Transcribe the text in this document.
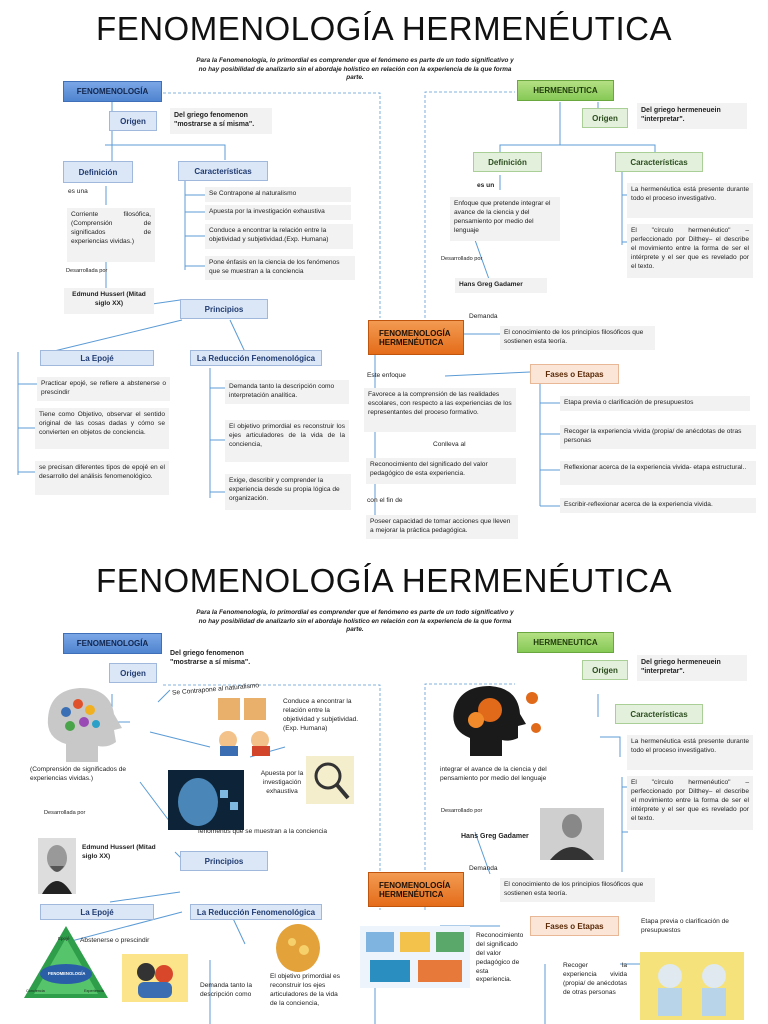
FENOMENOLOGÍA HERMENÉUTICA
Para la Fenomenología, lo primordial es comprender que el fenómeno es parte de un todo significativo y no hay posibilidad de analizarlo sin el abordaje holístico en relación con la experiencia de la que forma parte.
FENOMENOLOGÍA
Origen
Del griego fenomenon "mostrarse a sí misma".
Definición
es una
Corriente filosófica, (Comprensión de significados de experiencias vividas.)
Desarrollada por
Edmund Husserl (Mitad siglo XX)
Características
Se Contrapone al naturalismo
Apuesta por la investigación exhaustiva
Conduce a encontrar la relación entre la objetividad y subjetividad.(Exp. Humana)
Pone énfasis en la ciencia de los fenómenos que se muestran a la conciencia
Principios
La Epojé
Practicar epojé, se refiere a abstenerse o prescindir
Tiene como Objetivo, observar el sentido original de las cosas dadas y cómo se convierten en objetos de conciencia.
se precisan diferentes tipos de epojé en el desarrollo del análisis fenomenológico.
La Reducción Fenomenológica
Demanda tanto la descripción como interpretación analítica.
El objetivo primordial es reconstruir los ejes articuladores de la vida de la conciencia,
Exige, describir y comprender la experiencia desde su propia lógica de organización.
HERMENEUTICA
Origen
Del griego hermeneuein "interpretar".
Definición
es un
Enfoque que pretende integrar el avance de la ciencia y del pensamiento por medio del lenguaje
Desarrollado por
Hans Greg Gadamer
Características
La hermenéutica está presente durante todo el proceso investigativo.
El "círculo hermenéutico" –perfeccionado por Dilthey– el describe el movimiento entre la forma de ser el intérprete y el ser que es revelado por el texto.
Demanda
FENOMENOLOGÍA HERMENÉUTICA
El conocimiento de los principios filosóficos que sostienen esta teoría.
Este enfoque
Favorece a la comprensión de las realidades escolares, con respecto a las experiencias de los representantes del proceso formativo.
Conlleva al
Reconocimiento del significado del valor pedagógico de esta experiencia.
con el fin de
Poseer capacidad de tomar acciones que lleven a mejorar la práctica pedagógica.
Fases o Etapas
Etapa previa o clarificación de presupuestos
Recoger la experiencia vivida (propia/ de anécdotas de otras personas
Reflexionar acerca de la experiencia vivida- etapa estructural..
Escribir-reflexionar acerca de la experiencia vivida.
FENOMENOLOGÍA HERMENÉUTICA
Para la Fenomenología, lo primordial es comprender que el fenómeno es parte de un todo significativo y no hay posibilidad de analizarlo sin el abordaje holístico en relación con la experiencia de la que forma parte.
FENOMENOLOGÍA
Origen
Del griego fenomenon "mostrarse a sí misma".
Se Contrapone al naturalismo
(Comprensión de significados de experiencias vividas.)
Conduce a encontrar la relación entre la objetividad y subjetividad.(Exp. Humana)
Apuesta por la investigación exhaustiva
fenómenos que se muestran a la conciencia
Desarrollada por
Edmund Husserl (Mitad siglo XX)
Principios
La Epojé
Abstenerse o prescindir
Epojé
FENOMENOLOGÍA
Conciencia	Experiencia
La Reducción Fenomenológica
Demanda tanto la descripción como
El objetivo primordial es reconstruir los ejes articuladores de la vida de la conciencia,
HERMENEUTICA
Origen
Del griego hermeneuein "interpretar".
Características
La hermenéutica está presente durante todo el proceso investigativo.
El "círculo hermenéutico" –perfeccionado por Dilthey– el describe el movimiento entre la forma de ser el intérprete y el ser que es revelado por el texto.
integrar el avance de la ciencia y del pensamiento por medio del lenguaje
Desarrollado por
Hans Greg Gadamer
Demanda
FENOMENOLOGÍA HERMENÉUTICA
El conocimiento de los principios filosóficos que sostienen esta teoría.
Reconocimiento del significado del valor pedagógico de esta experiencia.
Fases o Etapas	Etapa previa o clarificación de presupuestos
Recoger la experiencia vivida (propia/ de anécdotas de otras personas
